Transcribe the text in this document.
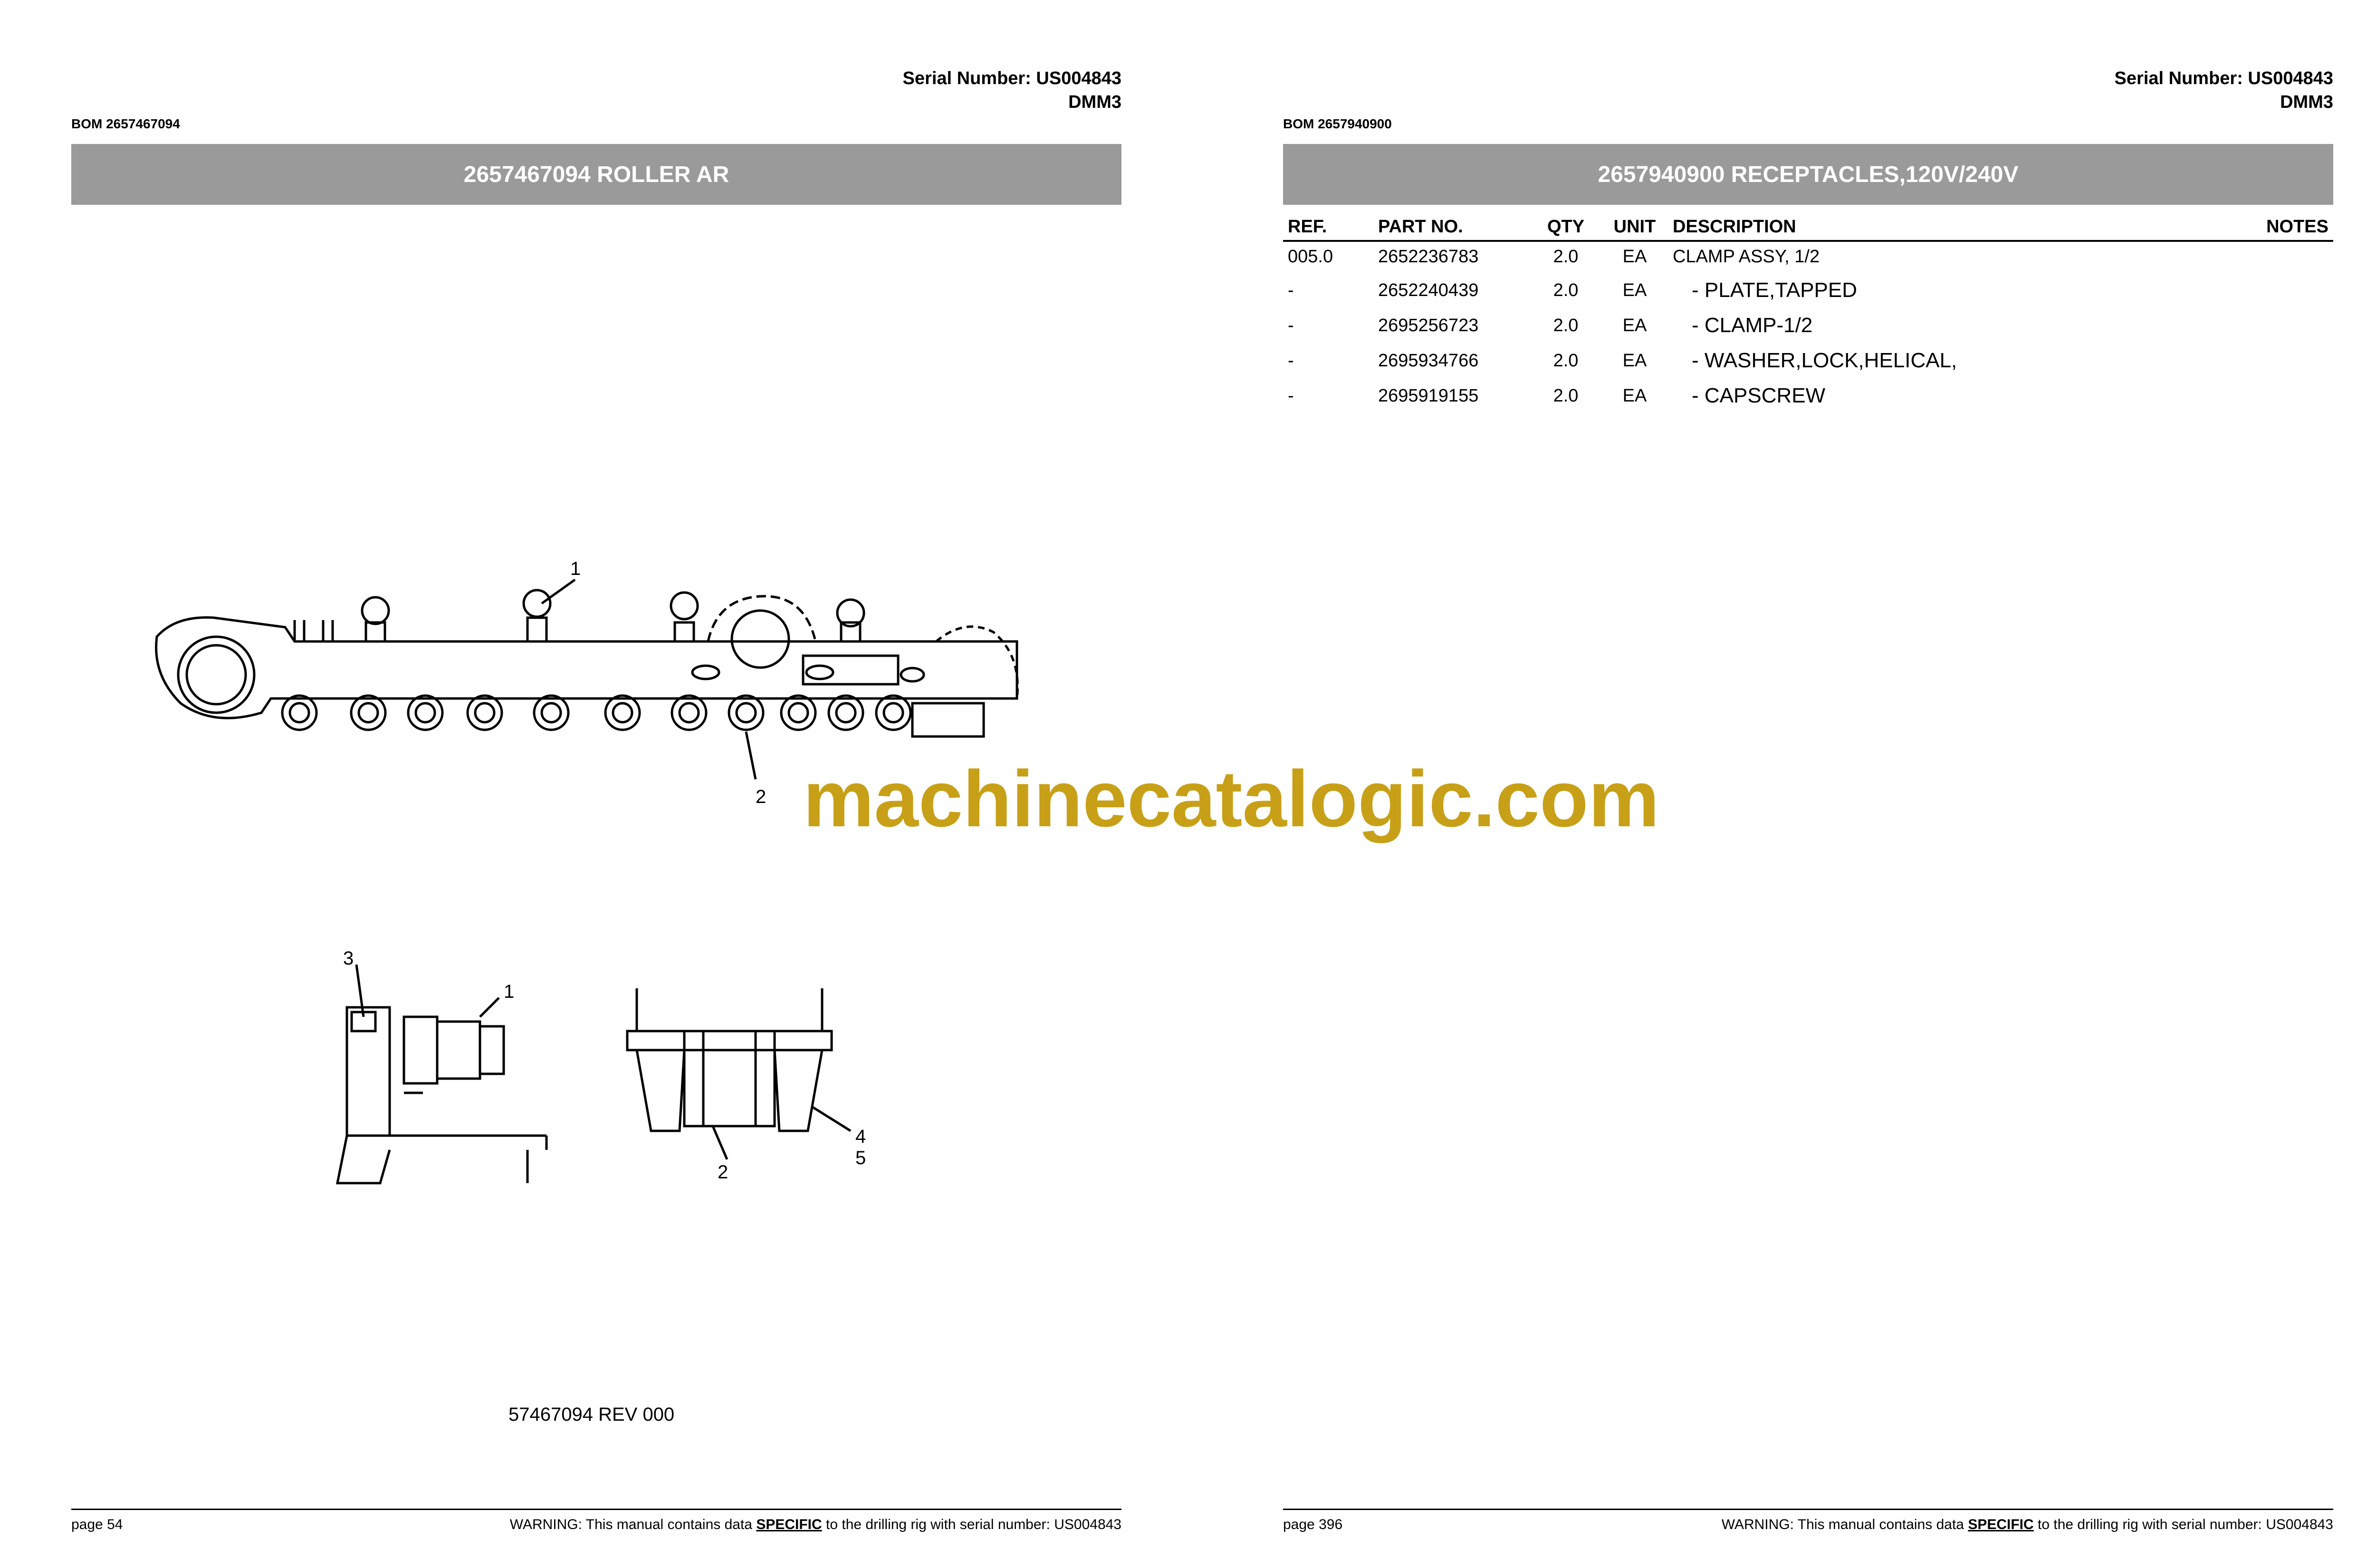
Serial Number: US004843
DMM3
BOM 2657467094
2657467094 ROLLER AR
1
2
3
1
2
4
5
57467094 REV 000
page 54	WARNING: This manual contains data SPECIFIC to the drilling rig with serial number: US004843
Serial Number: US004843
DMM3
BOM 2657940900
2657940900 RECEPTACLES,120V/240V
REF.	PART NO.	QTY	UNIT	DESCRIPTION	NOTES
005.0	2652236783	2.0	EA	CLAMP ASSY, 1/2	
-	2652240439	2.0	EA	- PLATE,TAPPED	
-	2695256723	2.0	EA	- CLAMP-1/2	
-	2695934766	2.0	EA	- WASHER,LOCK,HELICAL,	
-	2695919155	2.0	EA	- CAPSCREW	
page 396	WARNING: This manual contains data SPECIFIC to the drilling rig with serial number: US004843
machinecatalogic.com
